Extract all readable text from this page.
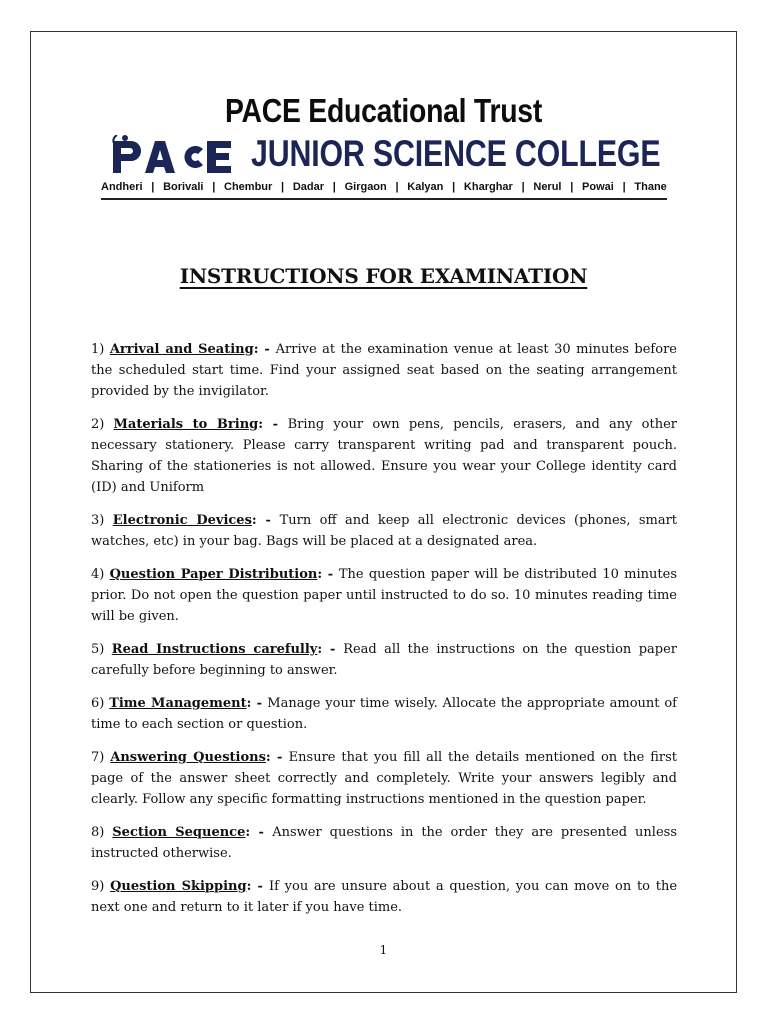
PACE Educational Trust
JUNIOR SCIENCE COLLEGE
Andheri | Borivali | Chembur | Dadar | Girgaon | Kalyan | Kharghar | Nerul | Powai | Thane
INSTRUCTIONS FOR EXAMINATION

1) Arrival and Seating: - Arrive at the examination venue at least 30 minutes before the scheduled start time. Find your assigned seat based on the seating arrangement provided by the invigilator.

2) Materials to Bring: - Bring your own pens, pencils, erasers, and any other necessary stationery. Please carry transparent writing pad and transparent pouch. Sharing of the stationeries is not allowed. Ensure you wear your College identity card (ID) and Uniform

3) Electronic Devices: - Turn off and keep all electronic devices (phones, smart watches, etc) in your bag. Bags will be placed at a designated area.

4) Question Paper Distribution: - The question paper will be distributed 10 minutes prior. Do not open the question paper until instructed to do so. 10 minutes reading time will be given.

5) Read Instructions carefully: - Read all the instructions on the question paper carefully before beginning to answer.

6) Time Management: - Manage your time wisely. Allocate the appropriate amount of time to each section or question.

7) Answering Questions: - Ensure that you fill all the details mentioned on the first page of the answer sheet correctly and completely. Write your answers legibly and clearly. Follow any specific formatting instructions mentioned in the question paper.

8) Section Sequence: - Answer questions in the order they are presented unless instructed otherwise.

9) Question Skipping: - If you are unsure about a question, you can move on to the next one and return to it later if you have time.

1
